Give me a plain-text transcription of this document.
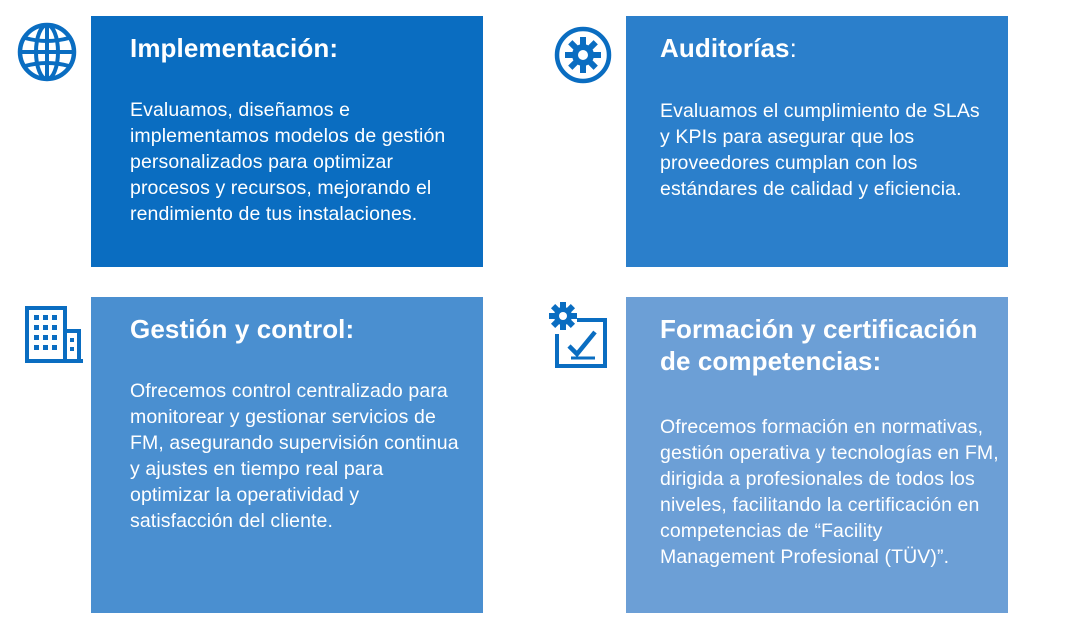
Implementación:

Evaluamos, diseñamos e implementamos modelos de gestión personalizados para optimizar procesos y recursos, mejorando el rendimiento de tus instalaciones.

Auditorías:

Evaluamos el cumplimiento de SLAs y KPIs para asegurar que los proveedores cumplan con los estándares de calidad y eficiencia.

Gestión y control:

Ofrecemos control centralizado para monitorear y gestionar servicios de FM, asegurando supervisión continua y ajustes en tiempo real para optimizar la operatividad y satisfacción del cliente.

Formación y certificación de competencias:

Ofrecemos formación en normativas, gestión operativa y tecnologías en FM, dirigida a profesionales de todos los niveles, facilitando la certificación en competencias de “Facility Management Profesional (TÜV)”.
